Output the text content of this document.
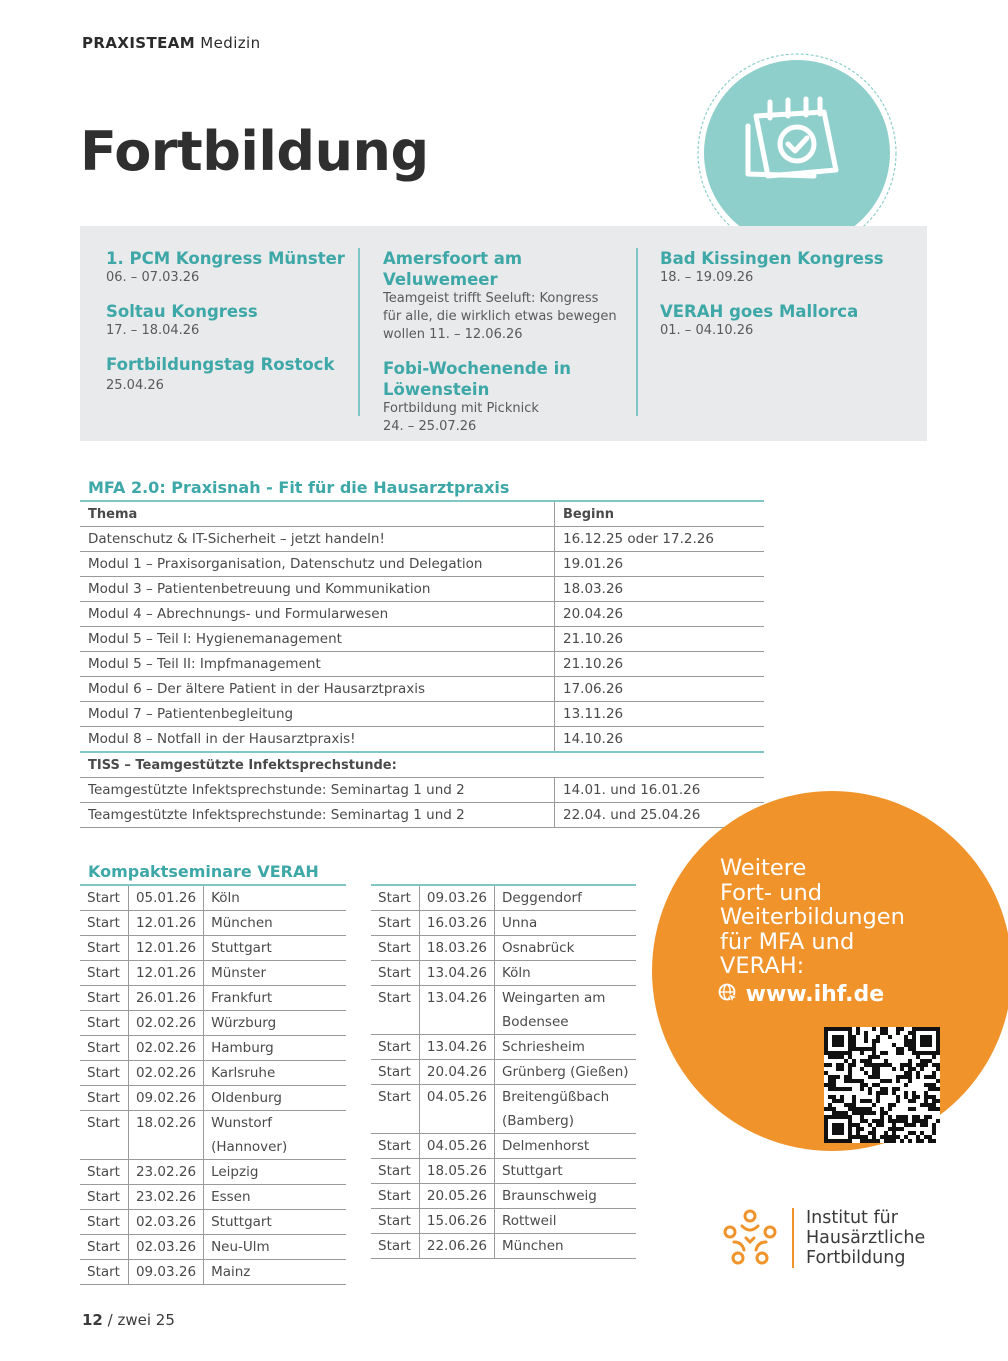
PRAXISTEAM Medizin
Fortbildung
1. PCM Kongress Münster
06. – 07.03.26
Soltau Kongress
17. – 18.04.26
Fortbildungstag Rostock
25.04.26
Amersfoort am Veluwemeer
Teamgeist trifft Seeluft: Kongress
für alle, die wirklich etwas bewegen
wollen 11. – 12.06.26
Fobi-Wochenende in
Löwenstein
Fortbildung mit Picknick
24. – 25.07.26
Bad Kissingen Kongress
18. – 19.09.26
VERAH goes Mallorca
01. – 04.10.26
MFA 2.0: Praxisnah - Fit für die Hausarztpraxis
Thema	Beginn
Datenschutz & IT-Sicherheit – jetzt handeln!	16.12.25 oder 17.2.26
Modul 1 – Praxisorganisation, Datenschutz und Delegation	19.01.26
Modul 3 – Patientenbetreuung und Kommunikation	18.03.26
Modul 4 – Abrechnungs- und Formularwesen	20.04.26
Modul 5 – Teil I: Hygienemanagement	21.10.26
Modul 5 – Teil II: Impfmanagement	21.10.26
Modul 6 – Der ältere Patient in der Hausarztpraxis	17.06.26
Modul 7 – Patientenbegleitung	13.11.26
Modul 8 – Notfall in der Hausarztpraxis!	14.10.26
TISS – Teamgestützte Infektsprechstunde:	
Teamgestützte Infektsprechstunde: Seminartag 1 und 2	14.01. und 16.01.26
Teamgestützte Infektsprechstunde: Seminartag 1 und 2	22.04. und 25.04.26
Kompaktseminare VERAH
Start	05.01.26	Köln
Start	12.01.26	München
Start	12.01.26	Stuttgart
Start	12.01.26	Münster
Start	26.01.26	Frankfurt
Start	02.02.26	Würzburg
Start	02.02.26	Hamburg
Start	02.02.26	Karlsruhe
Start	09.02.26	Oldenburg
Start	18.02.26	Wunstorf (Hannover)
Start	23.02.26	Leipzig
Start	23.02.26	Essen
Start	02.03.26	Stuttgart
Start	02.03.26	Neu-Ulm
Start	09.03.26	Mainz
Start	09.03.26	Deggendorf
Start	16.03.26	Unna
Start	18.03.26	Osnabrück
Start	13.04.26	Köln
Start	13.04.26	Weingarten am
		Bodensee
Start	13.04.26	Schriesheim
Start	20.04.26	Grünberg (Gießen)
Start	04.05.26	Breitengüßbach
		(Bamberg)
Start	04.05.26	Delmenhorst
Start	18.05.26	Stuttgart
Start	20.05.26	Braunschweig
Start	15.06.26	Rottweil
Start	22.06.26	München
Weitere
Fort- und
Weiterbildungen
für MFA und
VERAH:
www.ihf.de
Institut für
Hausärztliche
Fortbildung
12 / zwei 25
